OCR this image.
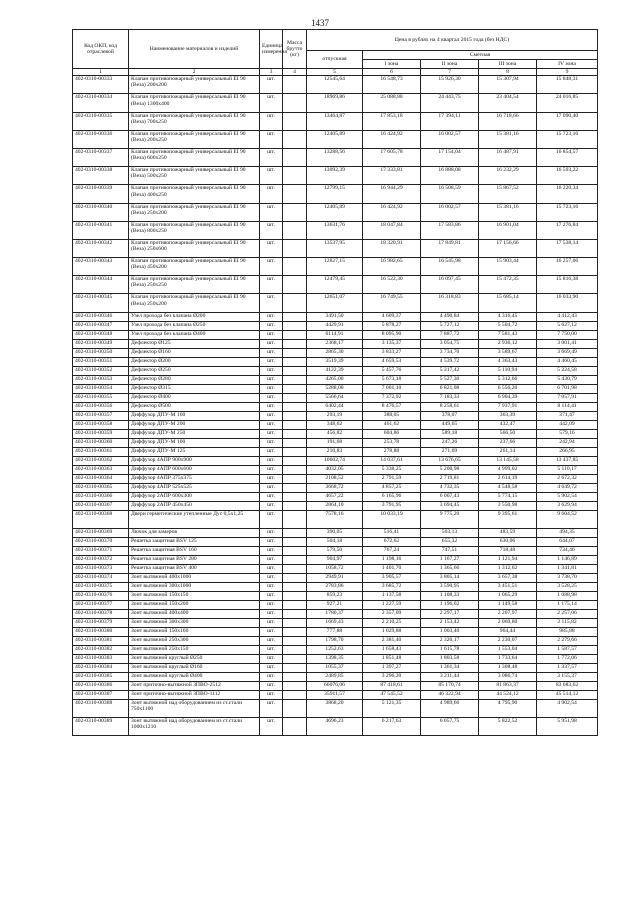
1437
Код ОКП, код отраслевой	Наименование материалов и изделий	Единица измерения	Масса брутто (кг)	Цена в рублях на 4 квартал 2015 года (без НДС)				
				отпускная	Сметная			
					I зона	II зона	III зона	IV зона
1	2	3	4	5	6	7	8	9
402-0310-00333	Клапан противопожарный универсальный EI 90 (Веза) 200х200	шт.		12545,64	16 548,73	15 926,30	15 307,94	15 848,31
402-0310-00334	Клапан противопожарный универсальный EI 90 (Веза) 1300х400	шт.		18969,86	25 088,88	24 443,75	23 404,54	24 016,85
402-0310-00335	Клапан противопожарный универсальный EI 90 (Веза) 700х250	шт.		13464,87	17 853,18	17 394,11	16 718,66	17 090,40
402-0310-00336	Клапан противопожарный универсальный EI 90 (Веза) 200х250	шт.		12405,89	16 424,92	16 002,57	15 381,16	15 723,16
402-0310-00337	Клапан противопожарный универсальный EI 90 (Веза) 600х250	шт.		13288,56	17 605,78	17 154,04	16 487,91	16 854,57
402-0310-00338	Клапан противопожарный универсальный EI 90 (Веза) 500х250	шт.		13092,39	17 333,81	16 888,08	16 232,29	16 593,22
402-0310-00339	Клапан противопожарный универсальный EI 90 (Веза) 400х250	шт.		12799,15	16 944,29	16 508,59	15 867,52	16 220,34
402-0310-00340	Клапан противопожарный универсальный EI 90 (Веза) 250х200	шт.		12405,89	16 424,92	16 002,57	15 381,16	15 723,16
402-0310-00341	Клапан противопожарный универсальный EI 90 (Веза) 800х250	шт.		13631,76	18 047,84	17 583,86	16 901,04	17 276,84
402-0310-00342	Клапан противопожарный универсальный EI 90 (Веза) 250х600	шт.		13537,95	18 320,91	17 849,81	17 156,66	17 538,14
402-0310-00343	Клапан противопожарный универсальный EI 90 (Веза) 450х200	шт.		12827,15	16 982,65	16 545,98	15 903,44	16 257,06
402-0310-00344	Клапан противопожарный универсальный EI 90 (Веза) 250х250	шт.		12479,45	16 522,30	16 097,45	15 472,35	15 816,38
402-0310-00345	Клапан противопожарный универсальный EI 90 (Веза) 250х200	шт.		12651,07	16 749,55	16 318,83	15 685,14	16 033,90
402-0310-00346	Узел прохода без клапана Ø200	шт.		3491,50	4 609,37	4 490,84	4 316,45	4 412,43
402-0310-00347	Узел прохода без клапана Ø250	шт.		4429,91	5 878,27	5 727,12	5 504,72	5 627,12
402-0310-00348	Узел прохода без клапана Ø400	шт.		6114,91	8 095,90	7 887,72	7 581,43	7 750,00
402-0310-00349	Дефлектор Ø125	шт.		2368,17	3 135,37	3 054,75	2 936,12	3 001,41
402-0310-00350	Дефлектор Ø160	шт.		2865,30	3 833,27	3 734,70	3 589,67	3 669,49
402-0310-00351	Дефлектор Ø200	шт.		3519,39	4 659,53	4 539,72	4 363,43	4 460,45
402-0310-00352	Дефлектор Ø250	шт.		4122,39	5 457,76	5 317,42	5 110,94	5 224,58
402-0310-00353	Дефлектор Ø280	шт.		4265,00	5 673,18	5 527,30	5 312,66	5 430,79
402-0310-00354	Дефлектор Ø315	шт.		5288,00	7 001,10	6 821,08	6 556,20	6 701,98
402-0310-00355	Дефлектор Ø400	шт.		5566,64	7 372,92	7 183,33	6 904,39	7 057,91
402-0310-00356	Дефлектор Ø500	шт.		6402,44	8 476,57	8 258,61	7 937,91	8 114,41
402-0310-00357	Диффузор ДПУ-М 160	шт.		293,19	388,05	378,07	363,39	371,47
402-0310-00358	Диффузор ДПУ-М 200	шт.		348,62	461,62	449,65	432,47	442,09
402-0310-00359	Диффузор ДПУ-М 250	шт.		456,82	604,86	589,18	566,50	579,16
402-0310-00360	Диффузор ДПУ-М 100	шт.		191,68	253,78	247,26	237,66	242,94
402-0310-00361	Диффузор ДПУ-М 125	шт.		210,83	278,88	271,69	261,14	266,95
402-0310-00362	Диффузор 4АПР 900х900	шт.		10602,74	14 037,61	13 676,65	13 145,58	13 437,85
402-0310-00363	Диффузор 4АПР 600х600	шт.		4032,05	5 338,25	5 200,98	4 999,02	5 110,17
402-0310-00364	Диффузор 4АПР 375х375	шт.		2108,52	2 791,59	2 719,81	2 614,19	2 672,32
402-0310-00365	Диффузор 4АПР 525х525	шт.		3668,72	4 857,25	4 732,35	4 548,58	4 649,72
402-0310-00366	Диффузор 2АПР 600х300	шт.		4657,22	6 165,96	6 007,43	5 774,15	5 902,54
402-0310-00367	Диффузор 2АПР 450х450	шт.		2864,10	3 791,95	3 694,45	3 550,98	3 629,94
402-0310-00368	Двери герметические утепленные Дус 0,5х1,25	шт.		7578,16	10 033,19	9 775,20	9 395,61	9 604,52
402-0310-00369	Лючок для замеров	шт.		390,05	516,41	503,13	483,59	494,35
402-0310-00370	Решетка защитная BSV 125	шт.		504,18	672,62	655,32	630,06	644,07
402-0310-00371	Решетка защитная BSV 160	шт.		579,50	767,24	747,51	718,48	734,46
402-0310-00372	Решетка защитная BSV 280	шт.		904,97	1 198,16	1 167,27	1 121,94	1 146,89
402-0310-00373	Решетка защитная BSV 400	шт.		1058,72	1 401,70	1 365,66	1 312,62	1 341,81
402-0310-00374	Зонт вытяжной 400х1000	шт.		2949,91	3 905,57	3 805,14	3 657,38	3 738,70
402-0310-00375	Зонт вытяжной 300х1000	шт.		2783,86	3 685,72	3 590,95	3 451,51	3 528,25
402-0310-00376	Зонт вытяжной 150х150	шт.		859,23	1 137,58	1 108,33	1 065,29	1 088,98
402-0310-00377	Зонт вытяжной 150х200	шт.		927,21	1 227,59	1 196,02	1 149,58	1 175,14
402-0310-00378	Зонт вытяжной 400х400	шт.		1780,37	2 357,09	2 297,17	2 207,97	2 257,06
402-0310-00379	Зонт вытяжной 300х300	шт.		1669,43	2 210,25	2 153,42	2 069,80	2 115,82
402-0310-00380	Зонт вытяжной 150х160	шт.		777,88	1 029,88	1 003,40	964,44	985,88
402-0310-00381	Зонт вытяжной 250х300	шт.		1798,70	2 381,40	2 320,17	2 230,07	2 279,66
402-0310-00382	Зонт вытяжной 250х150	шт.		1252,63	1 658,43	1 615,78	1 553,04	1 587,57
402-0310-00383	Зонт вытяжной круглый Ø250	шт.		1398,35	1 851,48	1 803,58	1 733,64	1 772,06
402-0310-00384	Зонт вытяжной круглый Ø160	шт.		1055,37	1 397,27	1 361,34	1 308,48	1 337,57
402-0310-00385	Зонт вытяжной круглый Ø400	шт.		2489,85	3 296,20	3 211,44	3 086,74	3 155,37
402-0310-00386	Зонт приточно-вытяжной ЗПВО-2512	шт.		66076,06	87 418,61	85 170,74	81 863,37	83 683,62
402-0310-00387	Зонт приточно-вытяжной ЗПВО-1112	шт.		35911,57	47 545,52	46 322,94	44 524,12	45 514,12
402-0310-00388	Зонт вытяжной над оборудованием из ст.стали 750х1100	шт.		3868,20	5 121,35	4 989,66	4 795,90	4 902,54
402-0310-00389	Зонт вытяжной над оборудованием из ст.стали 1000х1210	шт.		4696,23	6 217,63	6 057,75	5 822,52	5 951,98
